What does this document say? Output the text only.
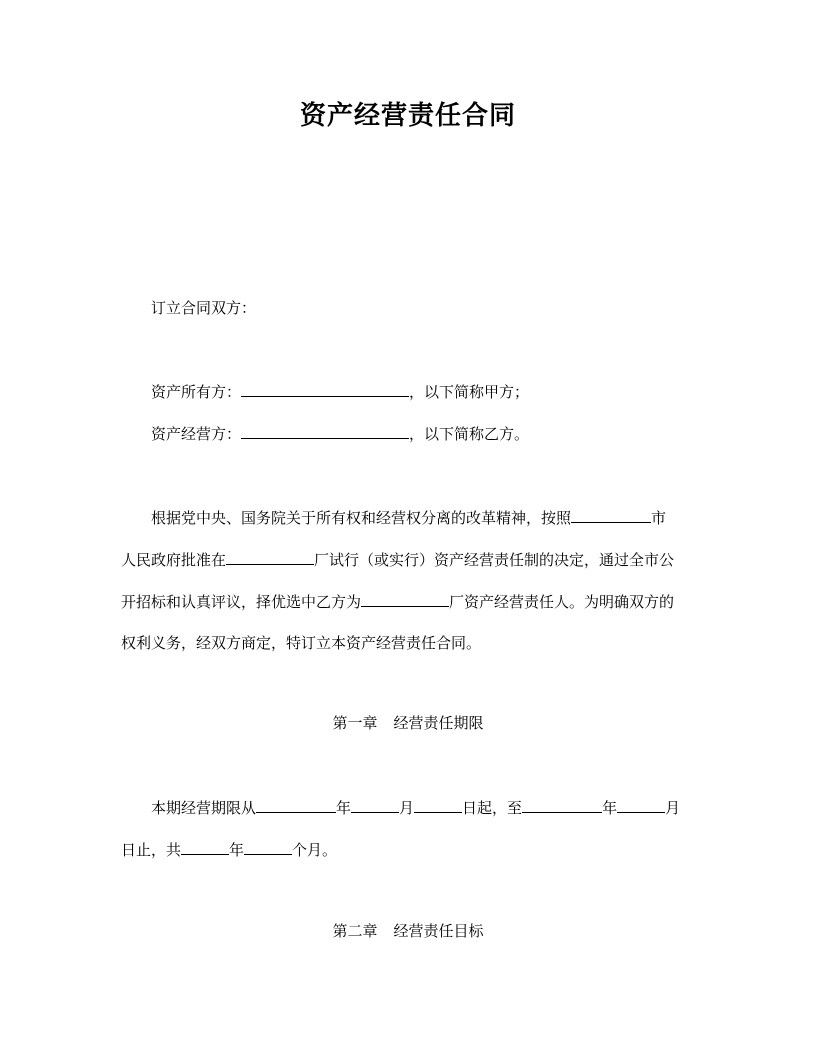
资产经营责任合同
订立合同双方：
资产所有方：	，以下简称甲方；
资产经营方：	，以下简称乙方。
根据党中央、国务院关于所有权和经营权分离的改革精神，按照	市
人民政府批准在	厂试行（或实行）资产经营责任制的决定，通过全市公
开招标和认真评议，择优选中乙方为	厂资产经营责任人。为明确双方的
权利义务，经双方商定，特订立本资产经营责任合同。
第一章 经营责任期限
本期经营期限从	年	月	日起，至	年	月
日止，共	年	个月。
第二章 经营责任目标
